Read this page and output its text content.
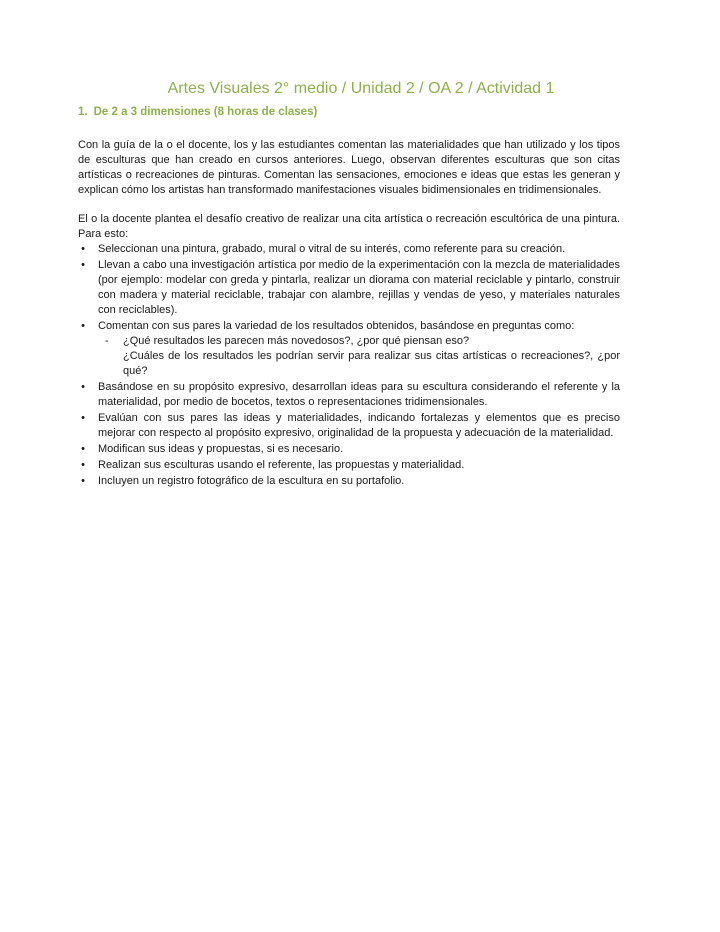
Artes Visuales 2° medio / Unidad 2 / OA 2 / Actividad 1
1. De 2 a 3 dimensiones (8 horas de clases)

Con la guía de la o el docente, los y las estudiantes comentan las materialidades que han utilizado y los tipos de esculturas que han creado en cursos anteriores. Luego, observan diferentes esculturas que son citas artísticas o recreaciones de pinturas. Comentan las sensaciones, emociones e ideas que estas les generan y explican cómo los artistas han transformado manifestaciones visuales bidimensionales en tridimensionales.

El o la docente plantea el desafío creativo de realizar una cita artística o recreación escultórica de una pintura. Para esto:

• Seleccionan una pintura, grabado, mural o vitral de su interés, como referente para su creación.
• Llevan a cabo una investigación artística por medio de la experimentación con la mezcla de materialidades (por ejemplo: modelar con greda y pintarla, realizar un diorama con material reciclable y pintarlo, construir con madera y material reciclable, trabajar con alambre, rejillas y vendas de yeso, y materiales naturales con reciclables).
• Comentan con sus pares la variedad de los resultados obtenidos, basándose en preguntas como:
- ¿Qué resultados les parecen más novedosos?, ¿por qué piensan eso?
¿Cuáles de los resultados les podrían servir para realizar sus citas artísticas o recreaciones?, ¿por qué?
• Basándose en su propósito expresivo, desarrollan ideas para su escultura considerando el referente y la materialidad, por medio de bocetos, textos o representaciones tridimensionales.
• Evalúan con sus pares las ideas y materialidades, indicando fortalezas y elementos que es preciso mejorar con respecto al propósito expresivo, originalidad de la propuesta y adecuación de la materialidad.
• Modifican sus ideas y propuestas, si es necesario.
• Realizan sus esculturas usando el referente, las propuestas y materialidad.
• Incluyen un registro fotográfico de la escultura en su portafolio.
